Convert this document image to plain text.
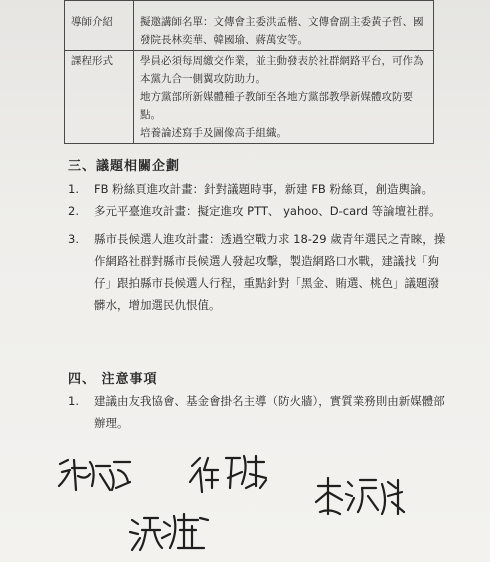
導師介紹	擬邀講師名單：文傳會主委洪孟楷、文傳會副主委黃子哲、國發院長林奕華、韓國瑜、蔣萬安等。

課程形式	學員必須每周繳交作業，並主動發表於社群網路平台，可作為本黨九合一側翼攻防助力。
地方黨部所新媒體種子教師至各地方黨部教學新媒體攻防要點。
培養論述寫手及圖像高手組織。
三、議題相關企劃
1. FB 粉絲頁進攻計畫：針對議題時事，新建 FB 粉絲頁，創造輿論。
2. 多元平臺進攻計畫：擬定進攻 PTT、 yahoo、D-card 等論壇社群。
3. 縣市長候選人進攻計畫：透過空戰力求 18-29 歲青年選民之青睞，操作網路社群對縣市長候選人發起攻擊，製造網路口水戰，建議找「狗仔」跟拍縣市長候選人行程，重點針對「黑金、賄選、桃色」議題潑髒水，增加選民仇恨值。
四、 注意事項
1. 建議由友我協會、基金會掛名主導（防火牆），實質業務則由新媒體部辦理。
